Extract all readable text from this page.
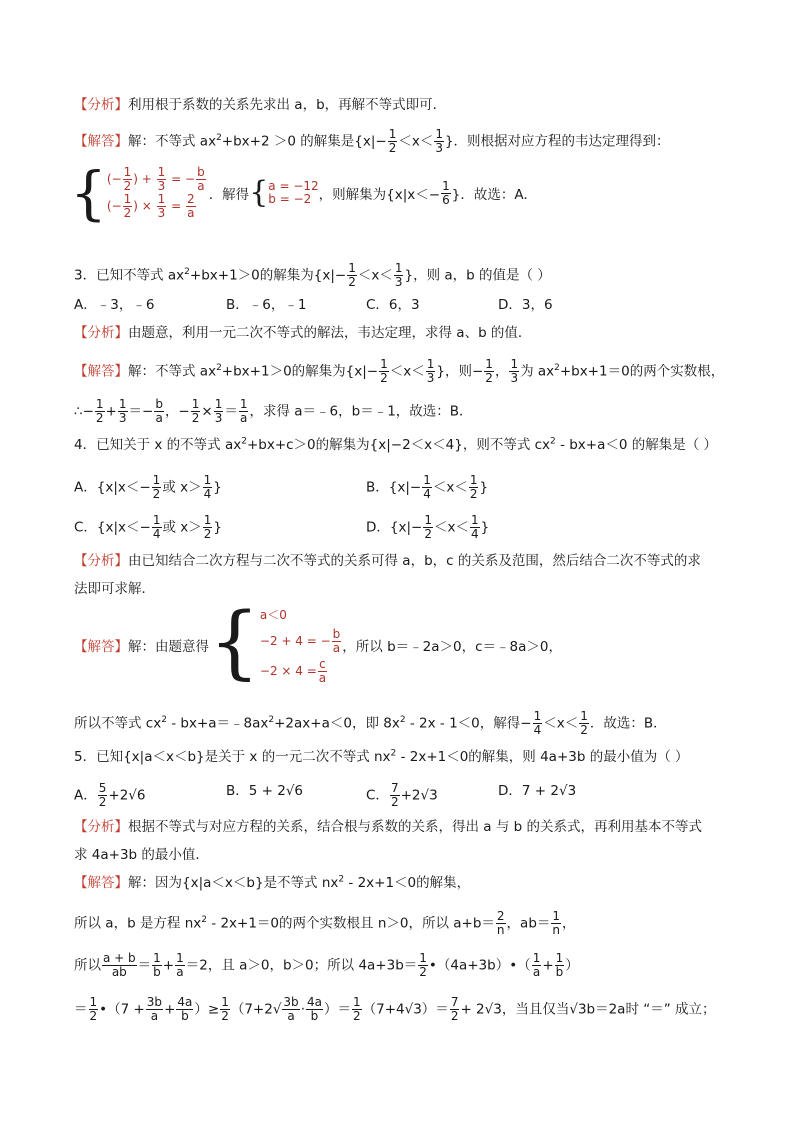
【分析】利用根于系数的关系先求出 a，b，再解不等式即可．
【解答】解：不等式 $ax^2+bx+2 >0$ 的解集是{$x|- \frac{1}{2} <x< \frac{1}{3}$ }．则根据对应方程的韦达定理得到：
{ (− $\frac{1}{2}$ ) + $\frac{1}{3}$ = − $\frac{b}{a}$
(− $\frac{1}{2}$ ) × $\frac{1}{3} = \frac{2}{a}$ ．解得 { a = −12
b = −2 ，则解集为{$x|x<- \frac{1}{6}$ }．故选：A．
3．已知不等式 $ax^2+bx+1>0$的解集为{$x|- \frac{1}{2} <x< \frac{1}{3}$ }，则 a，b 的值是（ ）
A．﹣3，﹣6	B．﹣6，﹣1	C．6，3	D．3，6
【分析】由题意，利用一元二次不等式的解法，韦达定理，求得 a、b 的值．
【解答】解：不等式 $ax^2+bx+1>0$的解集为{$x|- \frac{1}{2} <x< \frac{1}{3}$ }，则− $\frac{1}{2}$ ， $\frac{1}{3}$ 为 $ax^2+bx+1=0$的两个实数根，
∴− $\frac{1}{2} + \frac{1}{3} =- \frac{b}{a}$ ，− $\frac{1}{2} \times \frac{1}{3} = \frac{1}{a}$ ，求得 a＝﹣6，b＝﹣1，故选：B．
4．已知关于 x 的不等式 $ax^2+bx+c>0$的解集为{x|−2＜x＜4}，则不等式 $cx^2 - bx+a<0$ 的解集是（ ）
A．{$x|x<- \frac{1}{2}$ 或 $x> \frac{1}{4}$ }	B．{$x|- \frac{1}{4} <x< \frac{1}{2}$ }
C．{$x|x<- \frac{1}{4}$ 或 $x> \frac{1}{2}$ }	D．{$x|- \frac{1}{2} <x< \frac{1}{4}$ }
【分析】由已知结合二次方程与二次不等式的关系可得 a，b，c 的关系及范围，然后结合二次不等式的求
法即可求解．
【解答】 解：由题意得 { a＜0
−2 + 4 = − $\frac{b}{a}$
$-2 \times 4 = \frac{c}{a}$
，所以 b＝﹣2a＞0，c＝﹣8a＞0，
所以不等式 $cx^2$ - $bx+a=﹣8ax^2+2ax+a<0$，即 $8x^2 - 2x - 1<0$，解得− $\frac{1}{4} <x< \frac{1}{2}$ ．故选：B．
5．已知{x|a＜x＜b}是关于 x 的一元二次不等式 $nx^2 - 2x+1<0$的解集，则 4a+3b 的最小值为（ ）
A． $\frac{5}{2} +2√6$	B．5 + 2√6	C． $\frac{7}{2} +2√3$	D．7 + 2√3
【分析】根据不等式与对应方程的关系，结合根与系数的关系，得出 a 与 b 的关系式，再利用基本不等式
求 4a+3b 的最小值．
【解答】解：因为{x|a＜x＜b}是不等式 $nx^2 - 2x+1<0$的解集，
所以 a，b 是方程 $nx^2 - 2x+1=0$的两个实数根且 n＞0，所以 $a+b= \frac{2}{n}$ ，$ab= \frac{1}{n}$ ，
所以 $\frac{a + b}{ab} = \frac{1}{b} + \frac{1}{a} =2$，且 a＞0，b＞0；所以 $4a+3b= \frac{1}{2}$ •（4a+3b）•（ $\frac{1}{a} + \frac{1}{b}$ ）
＝ $\frac{1}{2}$ •（7 + $\frac{3b}{a} + \frac{4a}{b}$ ）≥ $\frac{1}{2} (7+2√ \frac{3b}{a} \cdot \frac{4a}{b}$ ）＝ $\frac{1}{2} (7+4√3)= \frac{7}{2} + 2√3$，当且仅当√3b＝2a时 “＝” 成立；
